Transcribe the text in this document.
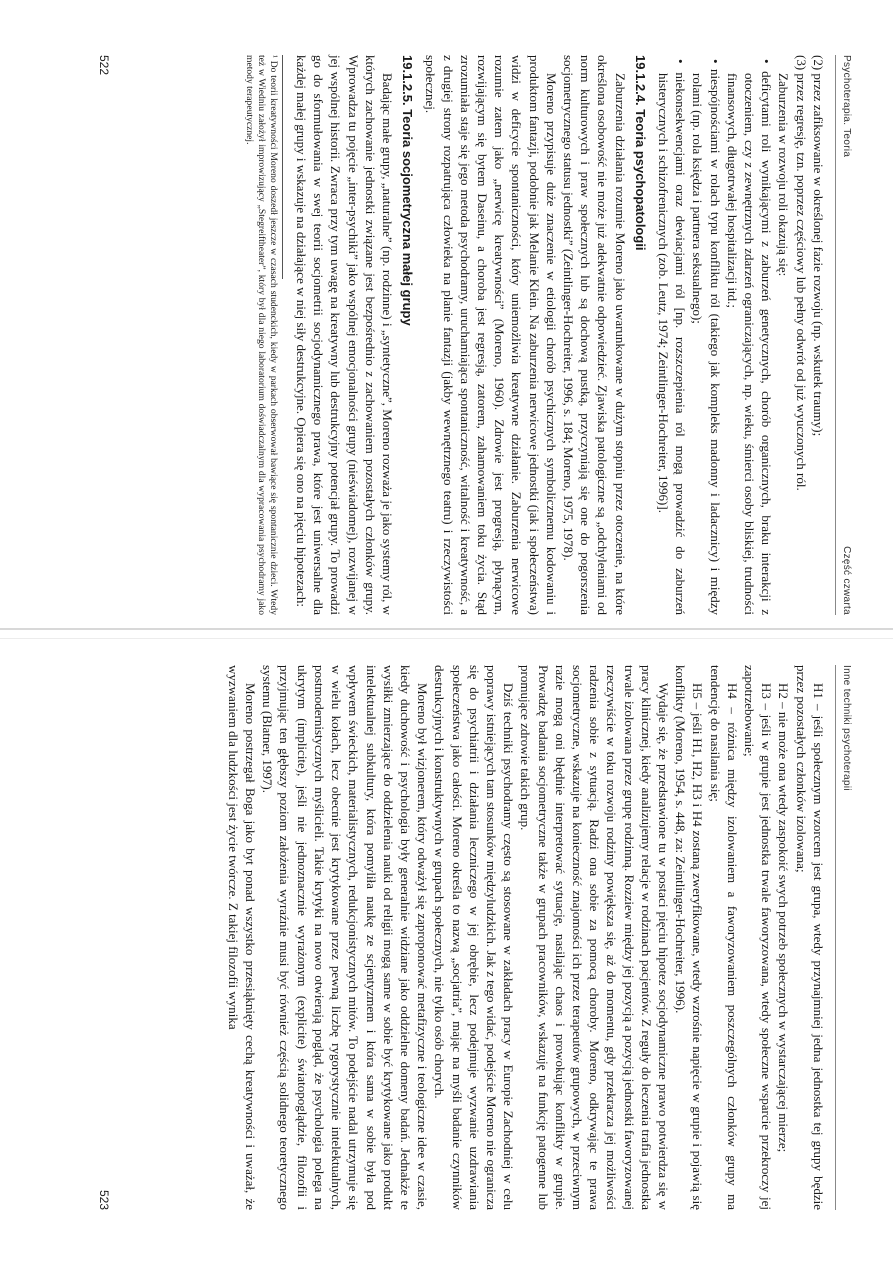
Psychoterapia. Teoria
Część czwarta

(2) przez zafiksowanie w określonej fazie rozwoju (np. wskutek traumy);

(3) przez regresję, tzn. poprzez częściowy lub pełny odwrót od już wyuczonych ról.

Zaburzenia w rozwoju roli okazują się:

• deficytami roli wynikającymi z zaburzeń genetycznych, chorób organicznych, braku interakcji z otoczeniem, czy z zewnętrznych zdarzeń ograniczających, np. wieku, śmierci osoby bliskiej, trudności finansowych, długotrwałej hospitalizacji itd.;

• niespójnościami w rolach typu konfliktu ról (takiego jak kompleks madonny i ladacznicy) i między rolami (np. rola księdza i partnera seksualnego);

• niekonsekwencjami oraz dewiacjami ról [np. rozszczepienia ról mogą prowadzić do zaburzeń histerycznych i schizofrenicznych (zob. Leutz, 1974; Zeintlinger-Hochreiter, 1996)].

19.1.2.4. Teoria psychopatologii

Zaburzenia działania rozumie Moreno jako uwarunkowane w dużym stopniu przez otoczenie, na które określona osobowość nie może już adekwatnie odpowiedzieć. Zjawiska patologiczne są „odchyleniami od norm kulturowych i praw społecznych lub są dochową pustką, przyczyniają się one do pogorszenia socjometrycznego statusu jednostki” (Zeintlinger-Hochreiter, 1996, s. 184; Moreno, 1975, 1978).

Moreno przypisuje duże znaczenie w etiologii chorób psychicznych symbolicznemu kodowaniu i produktom fantazji, podobnie jak Melanie Klein. Na zaburzenia nerwicowe jednostki (jak i społeczeństwa) widzi w deficycie spontaniczności, który uniemożliwia kreatywne działanie. Zaburzenia nerwicowe rozumie zatem jako „nerwicę kreatywności” (Moreno, 1960). Zdrowie jest progresją, płynącym, rozwijającym się bytem Daseinu, a choroba jest regresją, zatorem, zahamowaniem toku życia. Stąd zrozumiała staje się jego metoda psychodramy, uruchamiająca spontaniczność, witalność i kreatywność, a z drugiej strony rozpatrująca człowieka na planie fantazji (jakby wewnętrznego teatru) i rzeczywistości społecznej.

19.1.2.5. Teoria socjometryczna małej grupy

Badając małe grupy, „naturalne” (np. rodzinne) i „syntetyczne”, Moreno rozważa je jako systemy ról, w których zachowanie jednostki związane jest bezpośrednio z zachowaniem pozostałych członków grupy. Wprowadza tu pojęcie „inter-psychiki” jako wspólnej emocjonalności grupy (nieświadomej), rozwijanej w jej wspólnej historii. Zwraca przy tym uwagę na kreatywny lub destrukcyjny potencjał grupy. To prowadzi go do sformułowania w swej teorii socjometrii socjodynamicznego prawa, które jest uniwersalne dla każdej małej grupy i wskazuje na działające w niej siły destrukcyjne. Opiera się ono na pięciu hipotezach:

¹ Do teorii kreatywności Moreno doszedł jeszcze w czasach studenckich, kiedy w parkach obserwował bawiące się spontanicznie dzieci. Wtedy też w Wiedniu założył improwizujący „Stegreiftheater”, który był dla niego laboratorium doświadczalnym dla wypracowania psychodramy jako metody terapeutycznej.

522
Inne techniki psychoterapii

H1 – jeśli społecznym wzorcem jest grupa, wtedy przynajmniej jedna jednostka tej grupy będzie przez pozostałych członków izolowana;

H2 – nie może ona wtedy zaspokoić swych potrzeb społecznych w wystarczającej mierze;

H3 – jeśli w grupie jest jednostka trwale faworyzowana, wtedy społeczne wsparcie przekroczy jej zapotrzebowanie;

H4 – różnica między izolowaniem a faworyzowaniem poszczególnych członków grupy ma tendencję do nasilania się;

H5 – jeśli H1, H2, H3 i H4 zostaną zweryfikowane, wtedy wzrośnie napięcie w grupie i pojawią się konflikty (Moreno, 1954, s. 448, za: Zeintlinger-Hochreiter, 1996).

Wydaje się, że przedstawione tu w postaci pięciu hipotez socjodynamiczne prawo potwierdza się w pracy klinicznej, kiedy analizujemy relacje w rodzinach pacjentów. Z reguły do leczenia trafia jednostka trwale izolowana przez grupę rodzinną. Rozziew między jej pozycją a pozycją jednostki faworyzowanej rzeczywiście w toku rozwoju rodziny powiększa się, aż do momentu, gdy przekracza jej możliwości radzenia sobie z sytuacją. Radzi ona sobie za pomocą choroby. Moreno, odkrywając te prawa socjometryczne, wskazuje na konieczność znajomości ich przez terapeutów grupowych, w przeciwnym razie mogą oni błędnie interpretować sytuację, nasilając chaos i prowokując konflikty w grupie. Prowadzę badania socjometryczne także w grupach pracowników, wskazuję na funkcję patogenne lub promujące zdrowie takich grup.

Dziś techniki psychodramy często są stosowane w zakładach pracy w Europie Zachodniej w celu poprawy istniejących tam stosunków międzyludzkich. Jak z tego widać, podejście Moreno nie ogranicza się do psychiatrii i działania leczniczego w jej obrębie, lecz podejmuje wyzwanie uzdrawiania społeczeństwa jako całości. Moreno określa to nazwą „socjatria”, mając na myśli badanie czynników destrukcyjnych i konstruktywnych w grupach społecznych, nie tylko osób chorych.

Moreno był wizjonerem, który odważył się zaproponować metafizyczne i teologiczne idee w czasie, kiedy duchowość i psychologia były generalnie widziane jako oddzielne domeny badań. Jednakże te wysiłki zmierzające do oddzielenia nauki od religii mogą same w sobie być krytykowane jako produkt intelektualnej subkultury, która pomyliła naukę ze scjentyzmem i która sama w sobie była pod wpływem świeckich, materialistycznych, redukcjonistycznych mitów. To podejście nadal utrzymuje się w wielu kołach, lecz obecnie jest krytykowane przez pewną liczbę rygorystycznie intelektualnych, postmodernistycznych myślicieli. Takie krytyki na nowo otwierają pogląd, że psychologia polega na ukrytym (implicite), jeśli nie jednoznacznie wyrażonym (explicite) światopoglądzie, filozofii i przyjmując ten głębszy poziom założenia wyraźnie musi być również częścią solidnego teoretycznego systemu (Blatner, 1997).

Moreno postrzegał Boga jako byt ponad wszystko przesiąknięty cechą kreatywności i uważał, że wyzwaniem dla ludzkości jest życie twórcze. Z takiej filozofii wynika

523
